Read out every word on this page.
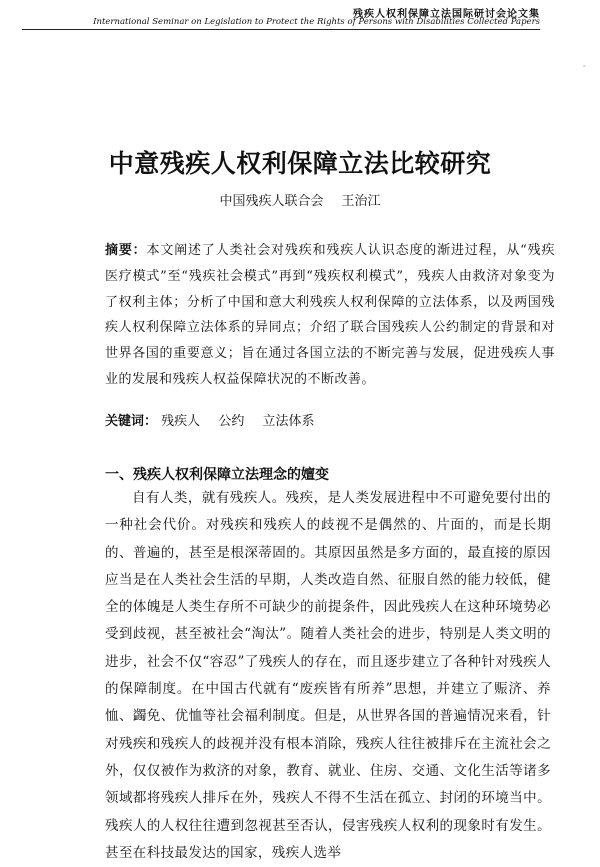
残疾人权利保障立法国际研讨会论文集
International Seminar on Legislation to Protect the Rights of Persons with Disabilities Collected Papers
-
中意残疾人权利保障立法比较研究
中国残疾人联合会 王治江
摘要：本文阐述了人类社会对残疾和残疾人认识态度的渐进过程，从“残疾医疗模式”至“残疾社会模式”再到“残疾权利模式”，残疾人由救济对象变为了权利主体；分析了中国和意大利残疾人权利保障的立法体系，以及两国残疾人权利保障立法体系的异同点；介绍了联合国残疾人公约制定的背景和对世界各国的重要意义；旨在通过各国立法的不断完善与发展，促进残疾人事业的发展和残疾人权益保障状况的不断改善。
关键词： 残疾人 公约 立法体系
一、残疾人权利保障立法理念的嬗变

自有人类，就有残疾人。残疾，是人类发展进程中不可避免要付出的一种社会代价。对残疾和残疾人的歧视不是偶然的、片面的，而是长期的、普遍的，甚至是根深蒂固的。其原因虽然是多方面的，最直接的原因应当是在人类社会生活的早期，人类改造自然、征服自然的能力较低，健全的体魄是人类生存所不可缺少的前提条件，因此残疾人在这种环境势必受到歧视，甚至被社会“淘汰”。随着人类社会的进步，特别是人类文明的进步，社会不仅“容忍”了残疾人的存在，而且逐步建立了各种针对残疾人的保障制度。在中国古代就有“废疾皆有所养”思想，并建立了赈济、养恤、蠲免、优恤等社会福利制度。但是，从世界各国的普遍情况来看，针对残疾和残疾人的歧视并没有根本消除，残疾人往往被排斥在主流社会之外，仅仅被作为救济的对象，教育、就业、住房、交通、文化生活等诸多领域都将残疾人排斥在外，残疾人不得不生活在孤立、封闭的环境当中。残疾人的人权往往遭到忽视甚至否认，侵害残疾人权利的现象时有发生。甚至在科技最发达的国家，残疾人选举
